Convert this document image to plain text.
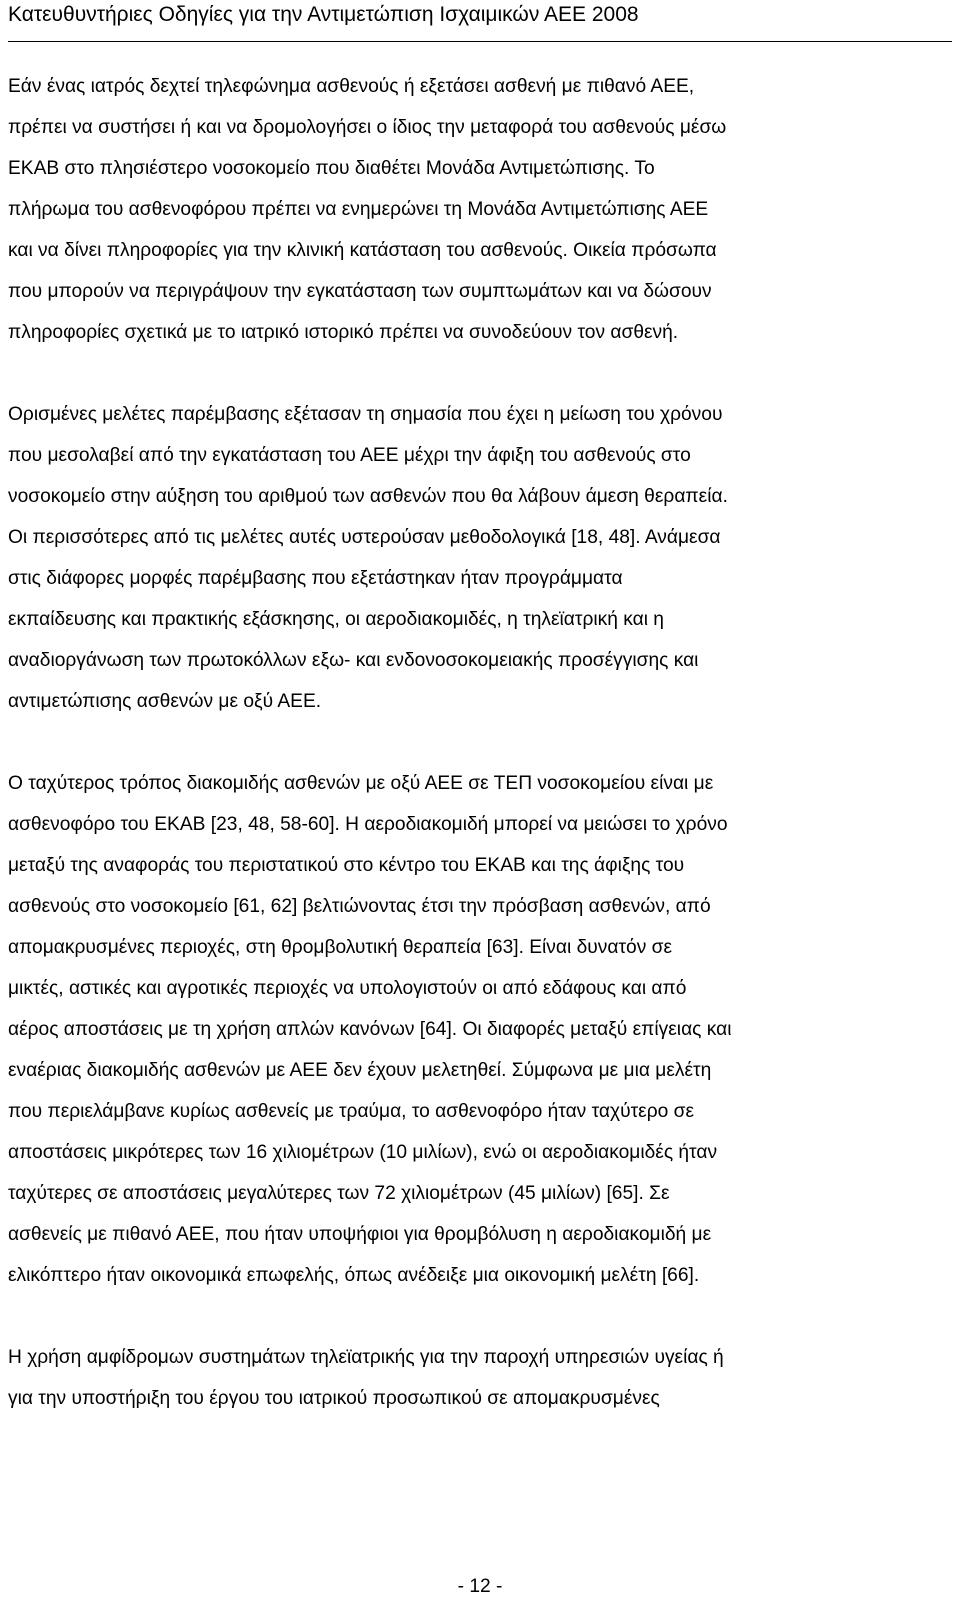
Κατευθυντήριες Οδηγίες για την Αντιμετώπιση Ισχαιμικών ΑΕΕ 2008
Εάν ένας ιατρός δεχτεί τηλεφώνημα ασθενούς ή εξετάσει ασθενή με πιθανό ΑΕΕ,
πρέπει να συστήσει ή και να δρομολογήσει ο ίδιος την μεταφορά του ασθενούς μέσω
ΕΚΑΒ στο πλησιέστερο νοσοκομείο που διαθέτει Μονάδα Αντιμετώπισης. Το
πλήρωμα του ασθενοφόρου πρέπει να ενημερώνει τη Μονάδα Αντιμετώπισης ΑΕΕ
και να δίνει πληροφορίες για την κλινική κατάσταση του ασθενούς. Οικεία πρόσωπα
που μπορούν να περιγράψουν την εγκατάσταση των συμπτωμάτων και να δώσουν
πληροφορίες σχετικά με το ιατρικό ιστορικό πρέπει να συνοδεύουν τον ασθενή.
Ορισμένες μελέτες παρέμβασης εξέτασαν τη σημασία που έχει η μείωση του χρόνου
που μεσολαβεί από την εγκατάσταση του ΑΕΕ μέχρι την άφιξη του ασθενούς στο
νοσοκομείο στην αύξηση του αριθμού των ασθενών που θα λάβουν άμεση θεραπεία.
Οι περισσότερες από τις μελέτες αυτές υστερούσαν μεθοδολογικά [18, 48]. Ανάμεσα
στις διάφορες μορφές παρέμβασης που εξετάστηκαν ήταν προγράμματα
εκπαίδευσης και πρακτικής εξάσκησης, οι αεροδιακομιδές, η τηλεϊατρική και η
αναδιοργάνωση των πρωτοκόλλων εξω- και ενδονοσοκομειακής προσέγγισης και
αντιμετώπισης ασθενών με οξύ ΑΕΕ.
Ο ταχύτερος τρόπος διακομιδής ασθενών με οξύ ΑΕΕ σε ΤΕΠ νοσοκομείου είναι με
ασθενοφόρο του ΕΚΑΒ [23, 48, 58-60]. Η αεροδιακομιδή μπορεί να μειώσει το χρόνο
μεταξύ της αναφοράς του περιστατικού στο κέντρο του ΕΚΑΒ και της άφιξης του
ασθενούς στο νοσοκομείο [61, 62] βελτιώνοντας έτσι την πρόσβαση ασθενών, από
απομακρυσμένες περιοχές, στη θρομβολυτική θεραπεία [63]. Είναι δυνατόν σε
μικτές, αστικές και αγροτικές περιοχές να υπολογιστούν οι από εδάφους και από
αέρος αποστάσεις με τη χρήση απλών κανόνων [64]. Οι διαφορές μεταξύ επίγειας και
εναέριας διακομιδής ασθενών με ΑΕΕ δεν έχουν μελετηθεί. Σύμφωνα με μια μελέτη
που περιελάμβανε κυρίως ασθενείς με τραύμα, το ασθενοφόρο ήταν ταχύτερο σε
αποστάσεις μικρότερες των 16 χιλιομέτρων (10 μιλίων), ενώ οι αεροδιακομιδές ήταν
ταχύτερες σε αποστάσεις μεγαλύτερες των 72 χιλιομέτρων (45 μιλίων) [65]. Σε
ασθενείς με πιθανό ΑΕΕ, που ήταν υποψήφιοι για θρομβόλυση η αεροδιακομιδή με
ελικόπτερο ήταν οικονομικά επωφελής, όπως ανέδειξε μια οικονομική μελέτη [66].
Η χρήση αμφίδρομων συστημάτων τηλεϊατρικής για την παροχή υπηρεσιών υγείας ή
για την υποστήριξη του έργου του ιατρικού προσωπικού σε απομακρυσμένες
- 12 -
